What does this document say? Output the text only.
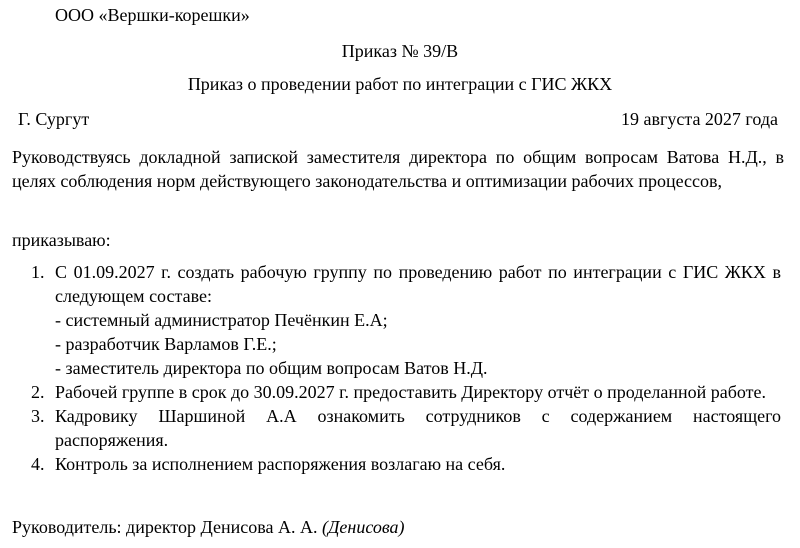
ООО «Вершки-корешки»
Приказ № 39/В
Приказ о проведении работ по интеграции с ГИС ЖКХ
Г. Сургут	19 августа 2027 года
Руководствуясь докладной запиской заместителя директора по общим вопросам Ватова Н.Д., в целях соблюдения норм действующего законодательства и оптимизации рабочих процессов,
приказываю:
1. С 01.09.2027 г. создать рабочую группу по проведению работ по интеграции с ГИС ЖКХ в следующем составе:
- системный администратор Печёнкин Е.А;
- разработчик Варламов Г.Е.;
- заместитель директора по общим вопросам Ватов Н.Д.
2. Рабочей группе в срок до 30.09.2027 г. предоставить Директору отчёт о проделанной работе.
3. Кадровику Шаршиной А.А ознакомить сотрудников с содержанием настоящего распоряжения.
4. Контроль за исполнением распоряжения возлагаю на себя.
Руководитель: директор Денисова А. А. (Денисова)
